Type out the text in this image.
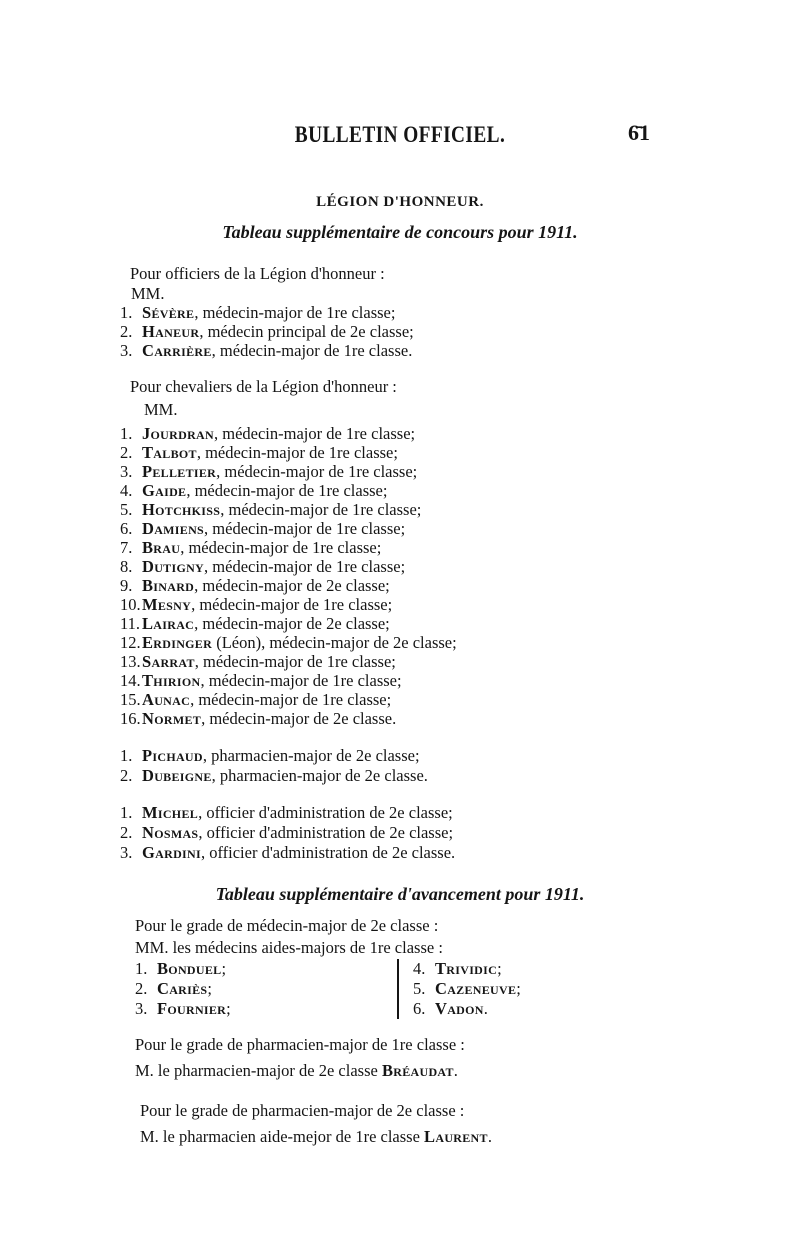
BULLETIN OFFICIEL.	6̄1
LÉGION D'HONNEUR.
Tableau supplémentaire de concours pour 1911.
Pour officiers de la Légion d'honneur :
MM.
1. Sévère, médecin-major de 1re classe;
2. Haneur, médecin principal de 2e classe;
3. Carrière, médecin-major de 1re classe.
Pour chevaliers de la Légion d'honneur :
MM.
1. Jourdran, médecin-major de 1re classe;
2. Talbot, médecin-major de 1re classe;
3. Pelletier, médecin-major de 1re classe;
4. Gaide, médecin-major de 1re classe;
5. Hotchkiss, médecin-major de 1re classe;
6. Damiens, médecin-major de 1re classe;
7. Brau, médecin-major de 1re classe;
8. Dutigny, médecin-major de 1re classe;
9. Binard, médecin-major de 2e classe;
10.Mesny, médecin-major de 1re classe;
11. Lairac, médecin-major de 2e classe;
12.Erdinger (Léon), médecin-major de 2e classe;
13.Sarrat, médecin-major de 1re classe;
14.Thirion, médecin-major de 1re classe;
15.Aunac, médecin-major de 1re classe;
16.Normet, médecin-major de 2e classe.
1. Pichaud, pharmacien-major de 2e classe;
2. Dubeigne, pharmacien-major de 2e classe.
1. Michel, officier d'administration de 2e classe;
2. Nosmas, officier d'administration de 2e classe;
3. Gardini, officier d'administration de 2e classe.
Tableau supplémentaire d'avancement pour 1911.
Pour le grade de médecin-major de 2e classe :
MM. les médecins aides-majors de 1re classe :
1. Bonduel;
2. Cariès;
3. Fournier;
4. Trividic;
5. Cazeneuve;
6. Vadon.
Pour le grade de pharmacien-major de 1re classe :
M. le pharmacien-major de 2e classe Bréaudat.
Pour le grade de pharmacien-major de 2e classe :
M. le pharmacien aide-mejor de 1re classe Laurent.
